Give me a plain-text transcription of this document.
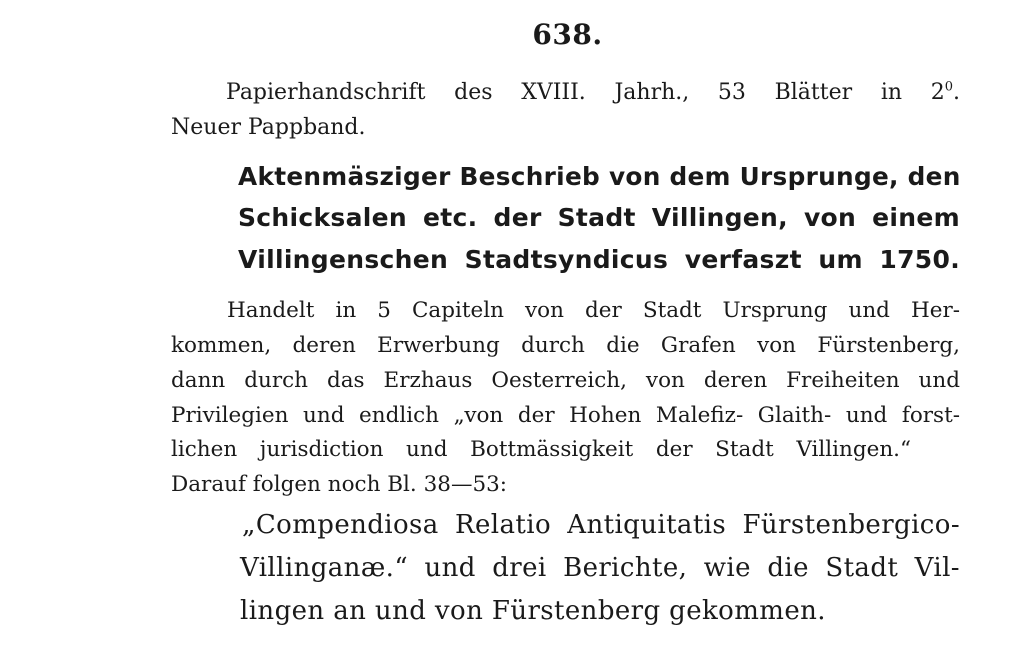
638.
Papierhandschrift des XVIII. Jahrh., 53 Blätter in $2^0$.
Neuer Pappband.
Aktenmäsziger Beschrieb von dem Ursprunge, den
Schicksalen etc. der Stadt Villingen, von einem
Villingenschen Stadtsyndicus verfaszt um 1750.
Handelt in 5 Capiteln von der Stadt Ursprung und Her-
kommen, deren Erwerbung durch die Grafen von Fürstenberg,
dann durch das Erzhaus Oesterreich, von deren Freiheiten und
Privilegien und endlich „von der Hohen Malefiz- Glaith- und forst-
lichen jurisdiction und Bottmässigkeit der Stadt Villingen.“
Darauf folgen noch Bl. 38—53:
„Compendiosa Relatio Antiquitatis Fürstenbergico-
Villinganæ.“ und drei Berichte, wie die Stadt Vil-
lingen an und von Fürstenberg gekommen.
